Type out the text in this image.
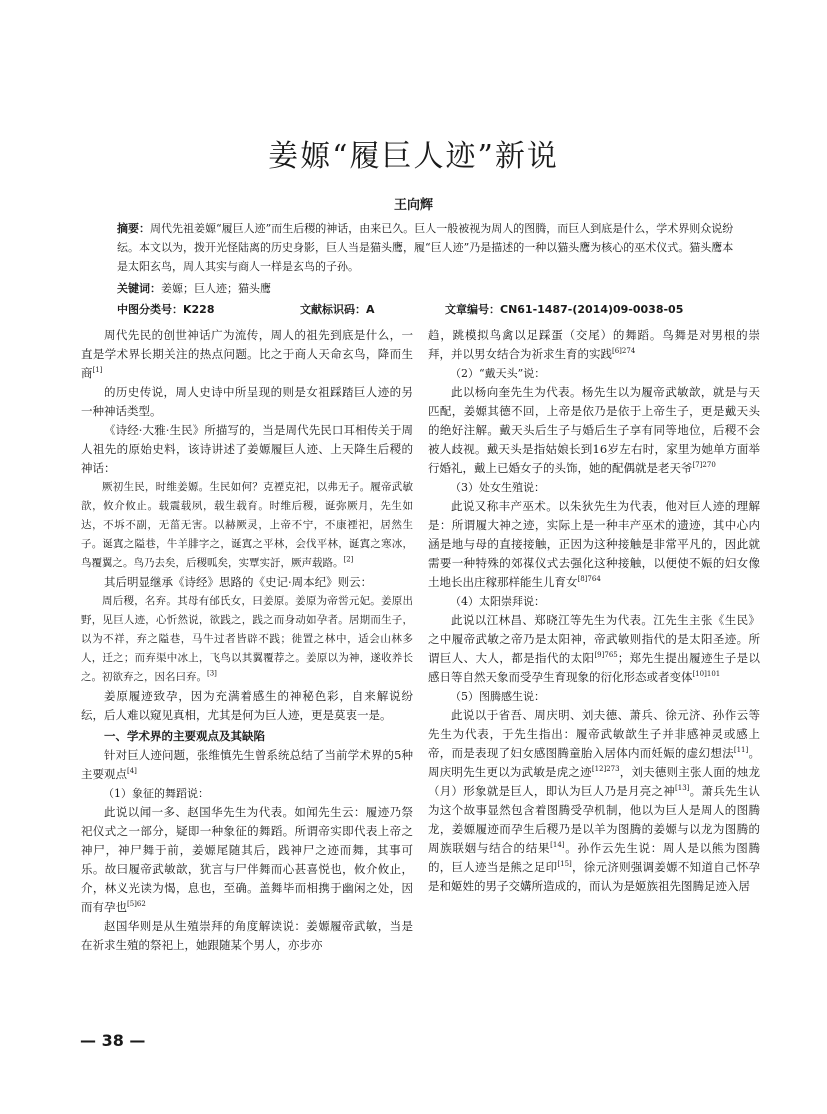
姜嫄“履巨人迹”新说
王向辉
摘要：周代先祖姜嫄“履巨人迹”而生后稷的神话，由来已久。巨人一般被视为周人的图腾，而巨人到底是什么，学术界则众说纷纭。本文以为，拨开光怪陆离的历史身影，巨人当是猫头鹰，履“巨人迹”乃是描述的一种以猫头鹰为核心的巫术仪式。猫头鹰本是太阳玄鸟，周人其实与商人一样是玄鸟的子孙。
关键词：姜嫄；巨人迹；猫头鹰
中图分类号：K228	文献标识码：A	文章编号：CN61-1487-(2014)09-0038-05

周代先民的创世神话广为流传，周人的祖先到底是什么，一直是学术界长期关注的热点问题。比之于商人天命玄鸟，降而生商[1]

的历史传说，周人史诗中所呈现的则是女祖踩踏巨人迹的另一种神话类型。

《诗经·大雅·生民》所描写的，当是周代先民口耳相传关于周人祖先的原始史料，该诗讲述了姜嫄履巨人迹、上天降生后稷的神话：

厥初生民，时维姜嫄。生民如何？克禋克祀，以弗无子。履帝武敏歆，攸介攸止。载震载夙，载生载育。时维后稷，诞弥厥月，先生如达，不坼不副，无菑无害。以赫厥灵，上帝不宁，不康禋祀，居然生子。诞寘之隘巷，牛羊腓字之，诞寘之平林，会伐平林，诞寘之寒冰，鸟覆翼之。鸟乃去矣，后稷呱矣，实覃实訏，厥声载路。[2]

其后明显继承《诗经》思路的《史记·周本纪》则云：

周后稷，名弃。其母有邰氏女，曰姜原。姜原为帝喾元妃。姜原出野，见巨人迹，心忻然说，欲践之，践之而身动如孕者。居期而生子，以为不祥，弃之隘巷，马牛过者皆辟不践；徙置之林中，适会山林多人，迁之；而弃渠中冰上，飞鸟以其翼覆荐之。姜原以为神，遂收养长之。初欲弃之，因名曰弃。[3]

姜原履迹致孕，因为充满着感生的神秘色彩，自来解说纷纭，后人难以窥见真相，尤其是何为巨人迹，更是莫衷一是。

一、学术界的主要观点及其缺陷

针对巨人迹问题，张维慎先生曾系统总结了当前学术界的5种主要观点[4]

（1）象征的舞蹈说：

此说以闻一多、赵国华先生为代表。如闻先生云：履迹乃祭祀仪式之一部分，疑即一种象征的舞蹈。所谓帝实即代表上帝之神尸，神尸舞于前，姜嫄尾随其后，践神尸之迹而舞，其事可乐。故曰履帝武敏歆，犹言与尸伴舞而心甚喜悦也，攸介攸止，介，林义光读为愒，息也，至确。盖舞毕而相携于幽闲之处，因而有孕也$^{[5]62}$

赵国华则是从生殖崇拜的角度解读说：姜嫄履帝武敏，当是在祈求生殖的祭祀上，她跟随某个男人，亦步亦

趋，跳模拟鸟禽以足踩蛋（交尾）的舞蹈。鸟舞是对男根的崇拜，并以男女结合为祈求生育的实践$^{[6]274}$

（2）“戴天头”说：

此以杨向奎先生为代表。杨先生以为履帝武敏歆，就是与天匹配，姜嫄其德不回，上帝是依乃是依于上帝生子，更是戴天头的绝好注解。戴天头后生子与婚后生子享有同等地位，后稷不会被人歧视。戴天头是指姑娘长到16岁左右时，家里为她单方面举行婚礼，戴上已婚女子的头饰，她的配偶就是老天爷$^{[7]270}$

（3）处女生殖说：

此说又称丰产巫术。以朱狄先生为代表，他对巨人迹的理解是：所谓履大神之迹，实际上是一种丰产巫术的遗迹，其中心内涵是地与母的直接接触，正因为这种接触是非常平凡的，因此就需要一种特殊的郊禖仪式去强化这种接触，以便使不娠的妇女像土地长出庄稼那样能生儿育女$^{[8]764}$

（4）太阳崇拜说：

此说以江林昌、郑晓江等先生为代表。江先生主张《生民》之中履帝武敏之帝乃是太阳神，帝武敏则指代的是太阳圣迹。所谓巨人、大人，都是指代的太阳$^{[9]765}$；郑先生提出履迹生子是以感日等自然天象而受孕生育现象的衍化形态或者变体$^{[10]101}$

（5）图腾感生说：

此说以于省吾、周庆明、刘夫德、萧兵、徐元济、孙作云等先生为代表，于先生指出：履帝武敏歆生子并非感神灵或感上帝，而是表现了妇女感图腾童胎入居体内而妊娠的虚幻想法[11]。周庆明先生更以为武敏是虎之迹$^{[12]273}$，刘夫德则主张人面的烛龙（月）形象就是巨人，即认为巨人乃是月亮之神[13]。萧兵先生认为这个故事显然包含着图腾受孕机制，他以为巨人是周人的图腾龙，姜嫄履迹而孕生后稷乃是以羊为图腾的姜嫄与以龙为图腾的周族联姻与结合的结果[14]。孙作云先生说：周人是以熊为图腾的，巨人迹当是熊之足印[15]，徐元济则强调姜嫄不知道自己怀孕是和姬姓的男子交媾所造成的，而认为是姬族祖先图腾足迹入居

— 38 —
